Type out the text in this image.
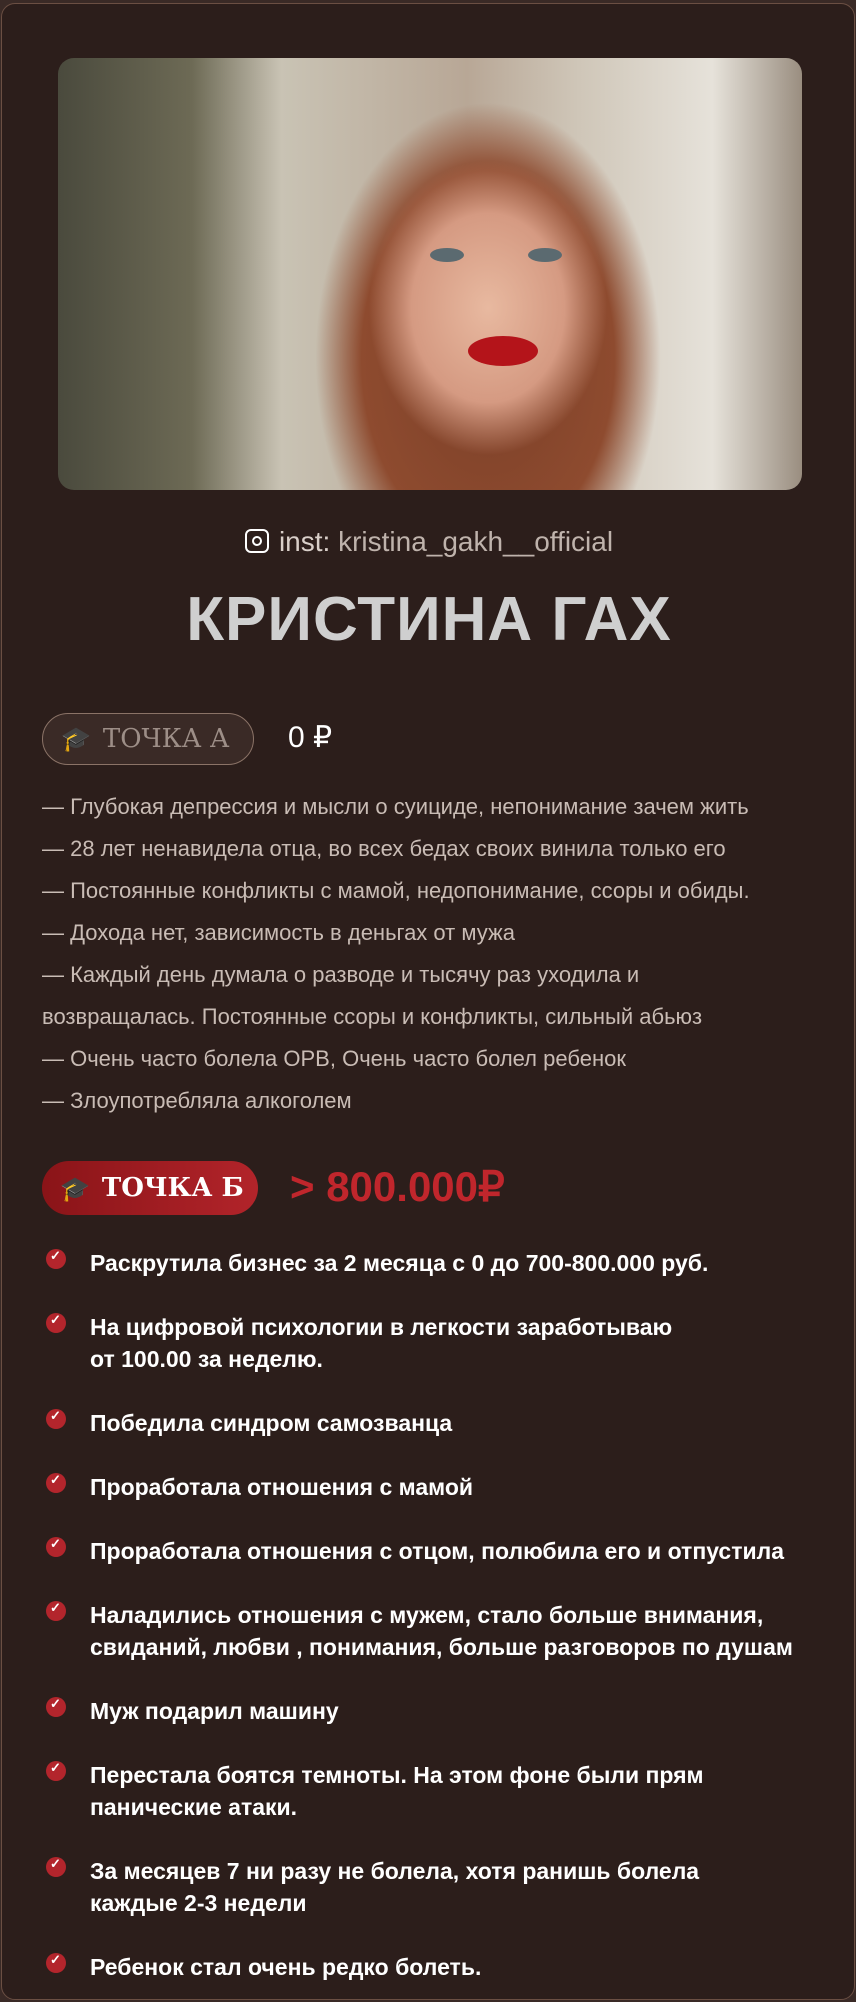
inst: kristina_gakh__official
КРИСТИНА ГАХ
🎓 ТОЧКА А 0 ₽
— Глубокая депрессия и мысли о суициде, непонимание зачем жить
— 28 лет ненавидела отца, во всех бедах своих винила только его
— Постоянные конфликты с мамой, недопонимание, ссоры и обиды.
— Дохода нет, зависимость в деньгах от мужа
— Каждый день думала о разводе и тысячу раз уходила и
возвращалась. Постоянные ссоры и конфликты, сильный абьюз
— Очень часто болела ОРВ, Очень часто болел ребенок
— Злоупотребляла алкоголем
🎓 ТОЧКА Б > 800.000₽
✓
Раскрутила бизнес за 2 месяца с 0 до 700-800.000 руб.
✓
На цифровой психологии в легкости заработываю
от 100.00 за неделю.
✓
Победила синдром самозванца
✓
Проработала отношения с мамой
✓
Проработала отношения с отцом, полюбила его и отпустила
✓
Наладились отношения с мужем, стало больше внимания,
свиданий, любви , понимания, больше разговоров по душам
✓
Муж подарил машину
✓
Перестала боятся темноты. На этом фоне были прям
панические атаки.
✓
За месяцев 7 ни разу не болела, хотя ранишь болела
каждые 2-3 недели
✓
Ребенок стал очень редко болеть.
